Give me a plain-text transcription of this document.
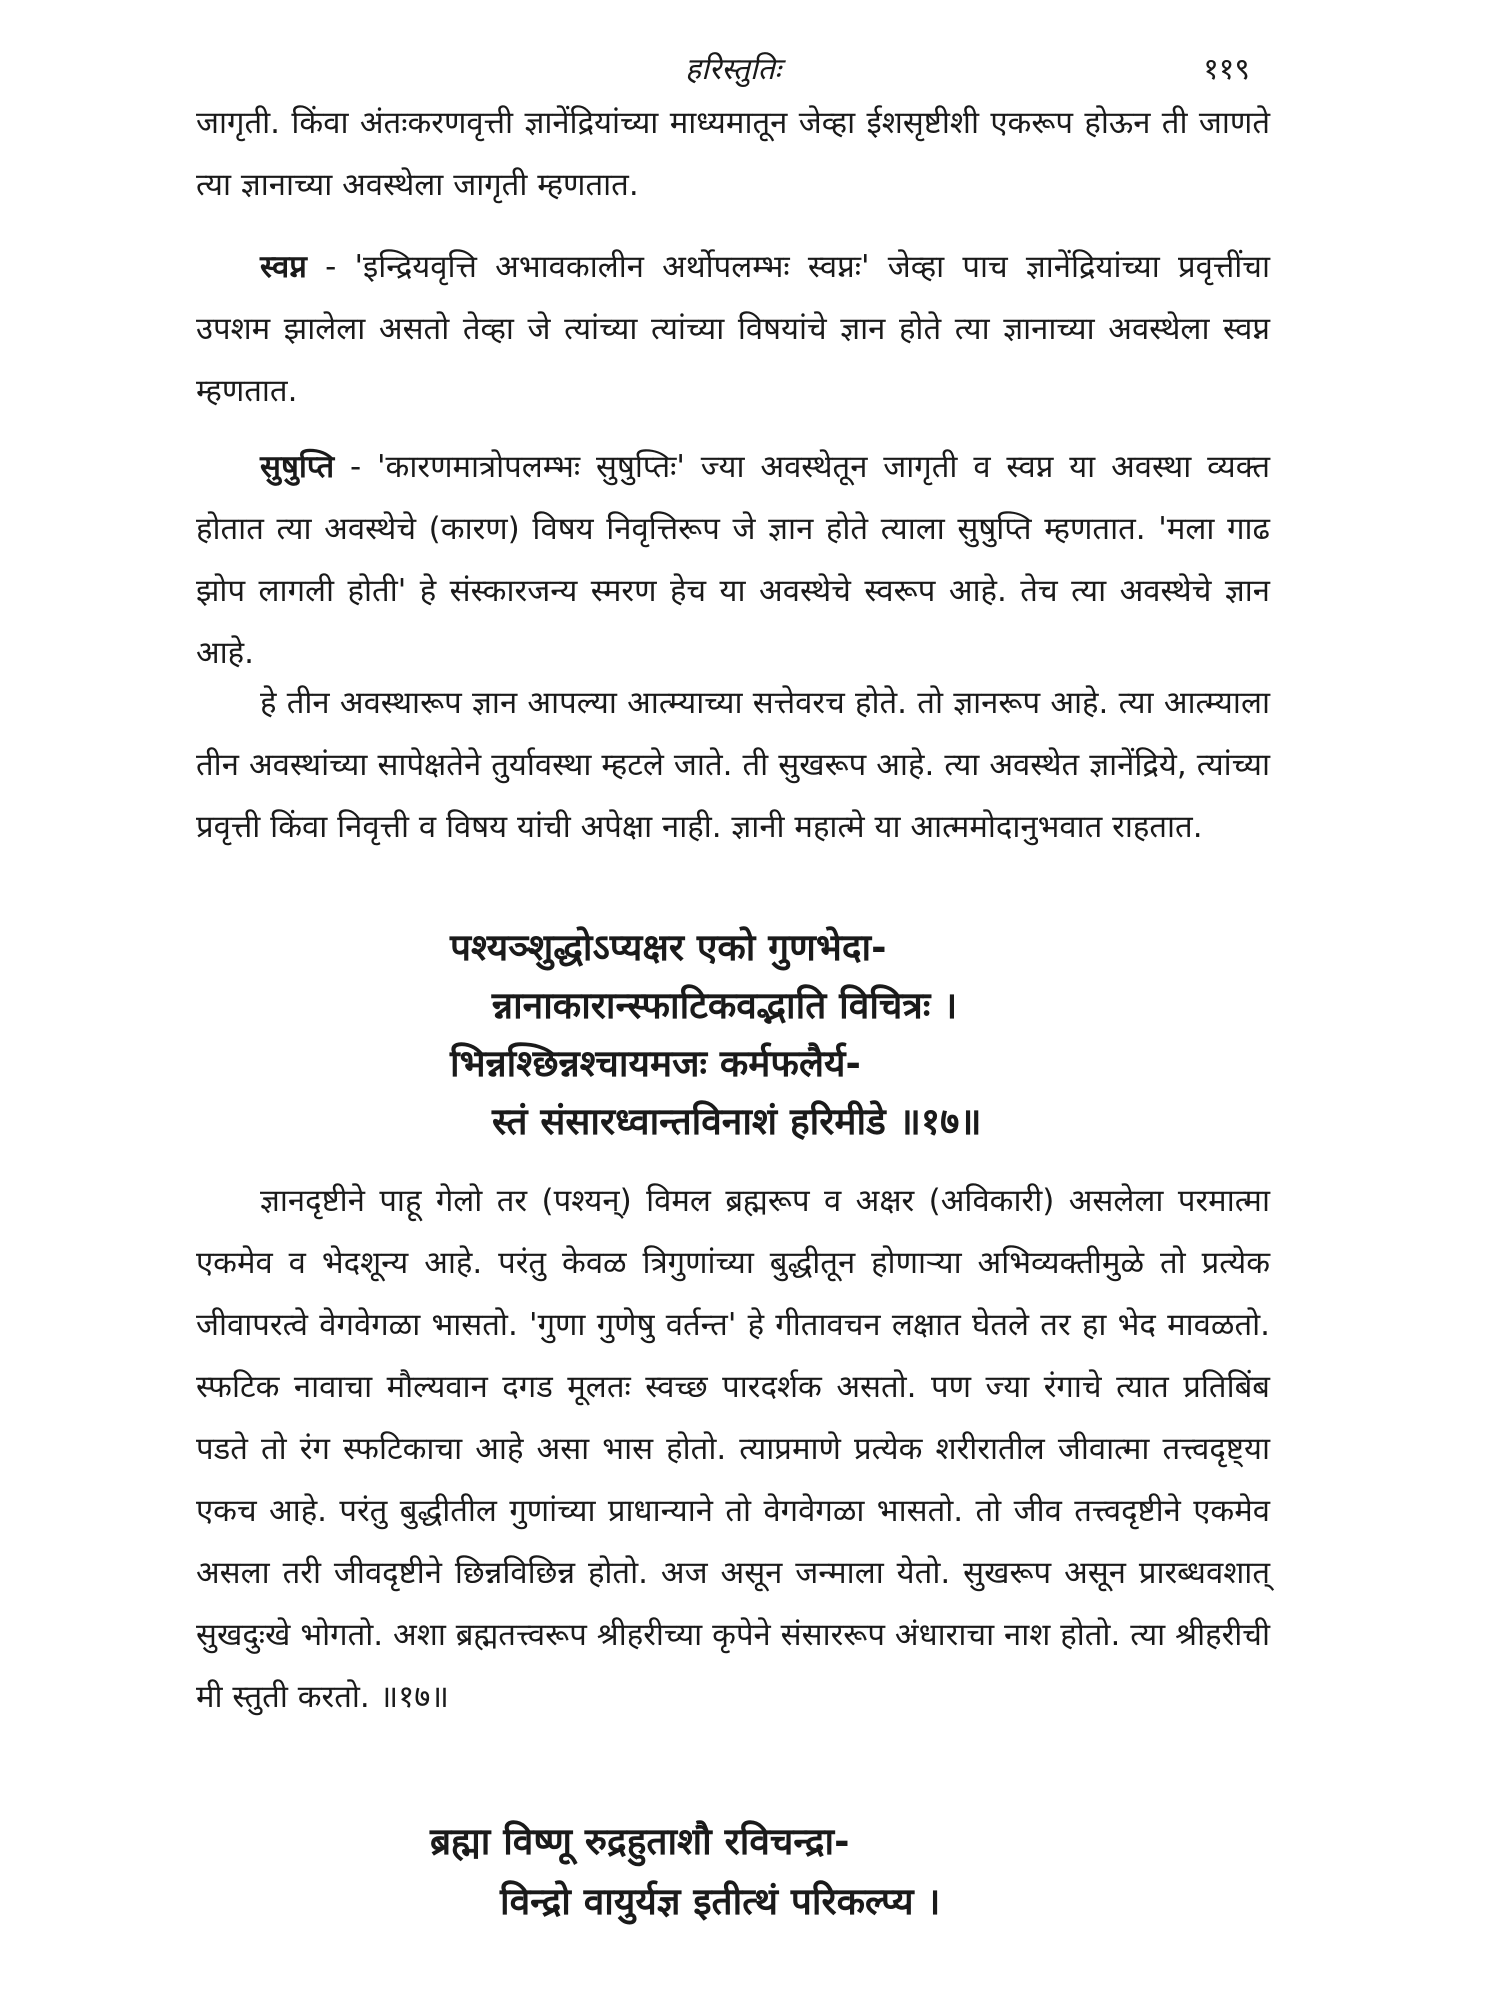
हरिस्तुतिः	११९

जागृती. किंवा अंतःकरणवृत्ती ज्ञानेंद्रियांच्या माध्यमातून जेव्हा ईशसृष्टीशी एकरूप होऊन ती जाणते त्या ज्ञानाच्या अवस्थेला जागृती म्हणतात.

स्वप्न - 'इन्द्रियवृत्ति अभावकालीन अर्थोपलम्भः स्वप्नः' जेव्हा पाच ज्ञानेंद्रियांच्या प्रवृत्तींचा उपशम झालेला असतो तेव्हा जे त्यांच्या त्यांच्या विषयांचे ज्ञान होते त्या ज्ञानाच्या अवस्थेला स्वप्न म्हणतात.

सुषुप्ति - 'कारणमात्रोपलम्भः सुषुप्तिः' ज्या अवस्थेतून जागृती व स्वप्न या अवस्था व्यक्त होतात त्या अवस्थेचे (कारण) विषय निवृत्तिरूप जे ज्ञान होते त्याला सुषुप्ति म्हणतात. 'मला गाढ झोप लागली होती' हे संस्कारजन्य स्मरण हेच या अवस्थेचे स्वरूप आहे. तेच त्या अवस्थेचे ज्ञान आहे.

हे तीन अवस्थारूप ज्ञान आपल्या आत्म्याच्या सत्तेवरच होते. तो ज्ञानरूप आहे. त्या आत्म्याला तीन अवस्थांच्या सापेक्षतेने तुर्यावस्था म्हटले जाते. ती सुखरूप आहे. त्या अवस्थेत ज्ञानेंद्रिये, त्यांच्या प्रवृत्ती किंवा निवृत्ती व विषय यांची अपेक्षा नाही. ज्ञानी महात्मे या आत्ममोदानुभवात राहतात.

पश्यञ्शुद्धोऽप्यक्षर एको गुणभेदा-
न्नानाकारान्स्फाटिकवद्भाति विचित्रः ।
भिन्नश्छिन्नश्चायमजः कर्मफलैर्य-
स्तं संसारध्वान्तविनाशं हरिमीडे ॥१७॥

ज्ञानदृष्टीने पाहू गेलो तर (पश्यन्) विमल ब्रह्मरूप व अक्षर (अविकारी) असलेला परमात्मा एकमेव व भेदशून्य आहे. परंतु केवळ त्रिगुणांच्या बुद्धीतून होणाऱ्या अभिव्यक्तीमुळे तो प्रत्येक जीवापरत्वे वेगवेगळा भासतो. 'गुणा गुणेषु वर्तन्त' हे गीतावचन लक्षात घेतले तर हा भेद मावळतो. स्फटिक नावाचा मौल्यवान दगड मूलतः स्वच्छ पारदर्शक असतो. पण ज्या रंगाचे त्यात प्रतिबिंब पडते तो रंग स्फटिकाचा आहे असा भास होतो. त्याप्रमाणे प्रत्येक शरीरातील जीवात्मा तत्त्वदृष्ट्या एकच आहे. परंतु बुद्धीतील गुणांच्या प्राधान्याने तो वेगवेगळा भासतो. तो जीव तत्त्वदृष्टीने एकमेव असला तरी जीवदृष्टीने छिन्नविछिन्न होतो. अज असून जन्माला येतो. सुखरूप असून प्रारब्धवशात् सुखदुःखे भोगतो. अशा ब्रह्मतत्त्वरूप श्रीहरीच्या कृपेने संसाररूप अंधाराचा नाश होतो. त्या श्रीहरीची मी स्तुती करतो. ॥१७॥

ब्रह्मा विष्णू रुद्रहुताशौ रविचन्द्रा-
विन्द्रो वायुर्यज्ञ इतीत्थं परिकल्प्य ।
